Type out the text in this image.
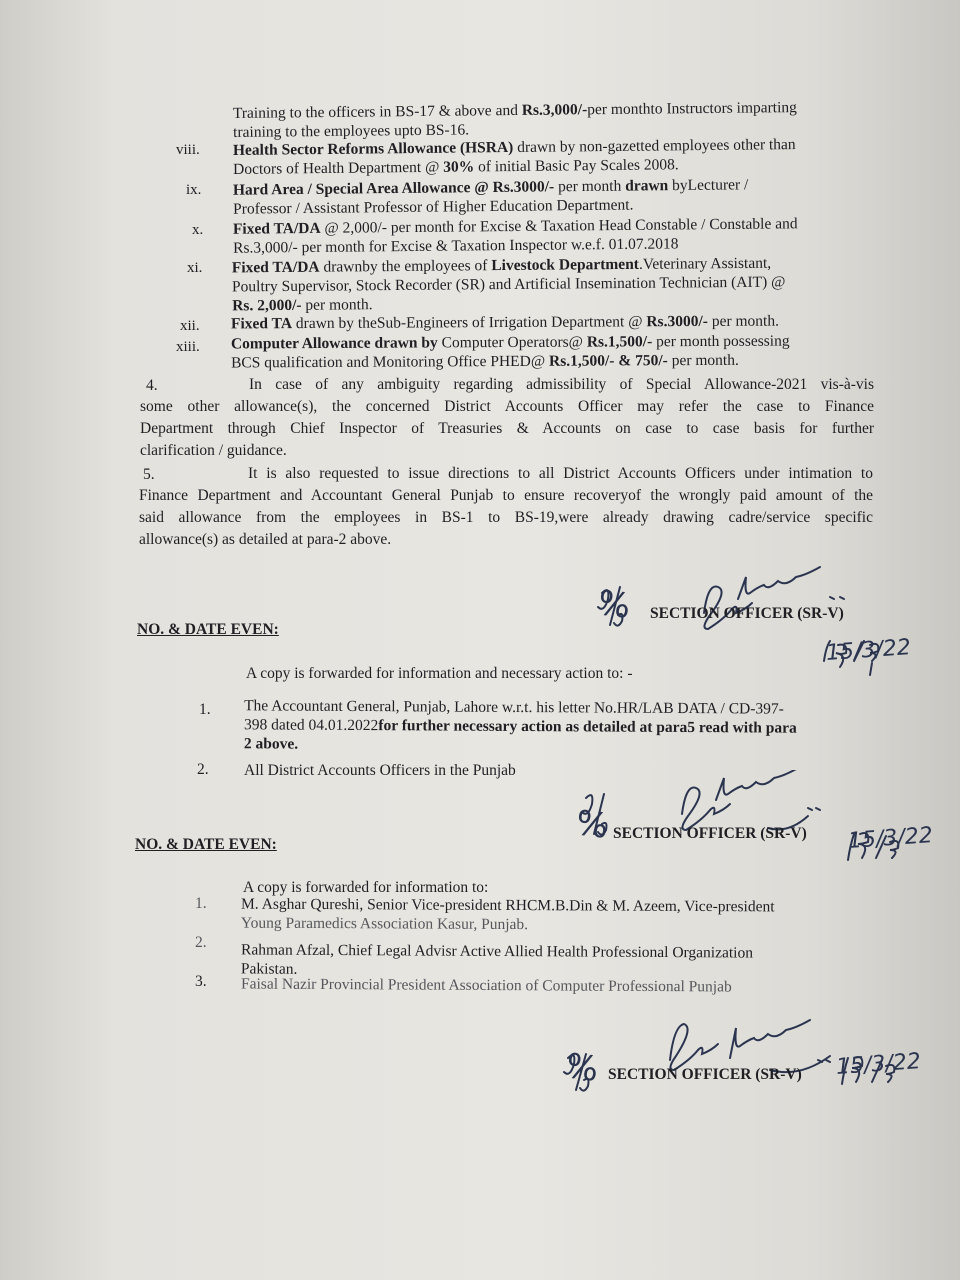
Training to the officers in BS-17 & above and Rs.3,000/-per monthto Instructors imparting
training to the employees upto BS-16.
viii. Health Sector Reforms Allowance (HSRA) drawn by non-gazetted employees other than
Doctors of Health Department @ 30% of initial Basic Pay Scales 2008.
ix. Hard Area / Special Area Allowance @ Rs.3000/- per month drawn byLecturer /
Professor / Assistant Professor of Higher Education Department.
x. Fixed TA/DA @ 2,000/- per month for Excise & Taxation Head Constable / Constable and
Rs.3,000/- per month for Excise & Taxation Inspector w.e.f. 01.07.2018
xi. Fixed TA/DA drawnby the employees of Livestock Department.Veterinary Assistant,
Poultry Supervisor, Stock Recorder (SR) and Artificial Insemination Technician (AIT) @
Rs. 2,000/- per month.
xii. Fixed TA drawn by theSub-Engineers of Irrigation Department @ Rs.3000/- per month.
xiii. Computer Allowance drawn by Computer Operators@ Rs.1,500/- per month possessing
BCS qualification and Monitoring Office PHED@ Rs.1,500/- & 750/- per month.
4.	In case of any ambiguity regarding admissibility of Special Allowance-2021 vis-à-vis
some other allowance(s), the concerned District Accounts Officer may refer the case to Finance
Department through Chief Inspector of Treasuries & Accounts on case to case basis for further
clarification / guidance.
5.	It is also requested to issue directions to all District Accounts Officers under intimation to
Finance Department and Accountant General Punjab to ensure recoveryof the wrongly paid amount of the
said allowance from the employees in BS-1 to BS-19,were already drawing cadre/service specific
allowance(s) as detailed at para-2 above.
% SECTION OFFICER (SR-V)
15/3/22
NO. & DATE EVEN:
A copy is forwarded for information and necessary action to: -
1. The Accountant General, Punjab, Lahore w.r.t. his letter No.HR/LAB DATA / CD-397-
398 dated 04.01.2022for further necessary action as detailed at para5 read with para
2 above.
2. All District Accounts Officers in the Punjab
% SECTION OFFICER (SR-V) 15/3/22
NO. & DATE EVEN:
A copy is forwarded for information to:
1. M. Asghar Qureshi, Senior Vice-president RHCM.B.Din & M. Azeem, Vice-president
Young Paramedics Association Kasur, Punjab.
2. Rahman Afzal, Chief Legal Advisr Active Allied Health Professional Organization
Pakistan.
3. Faisal Nazir Provincial President Association of Computer Professional Punjab
% SECTION OFFICER (SR-V) 15/3/22
